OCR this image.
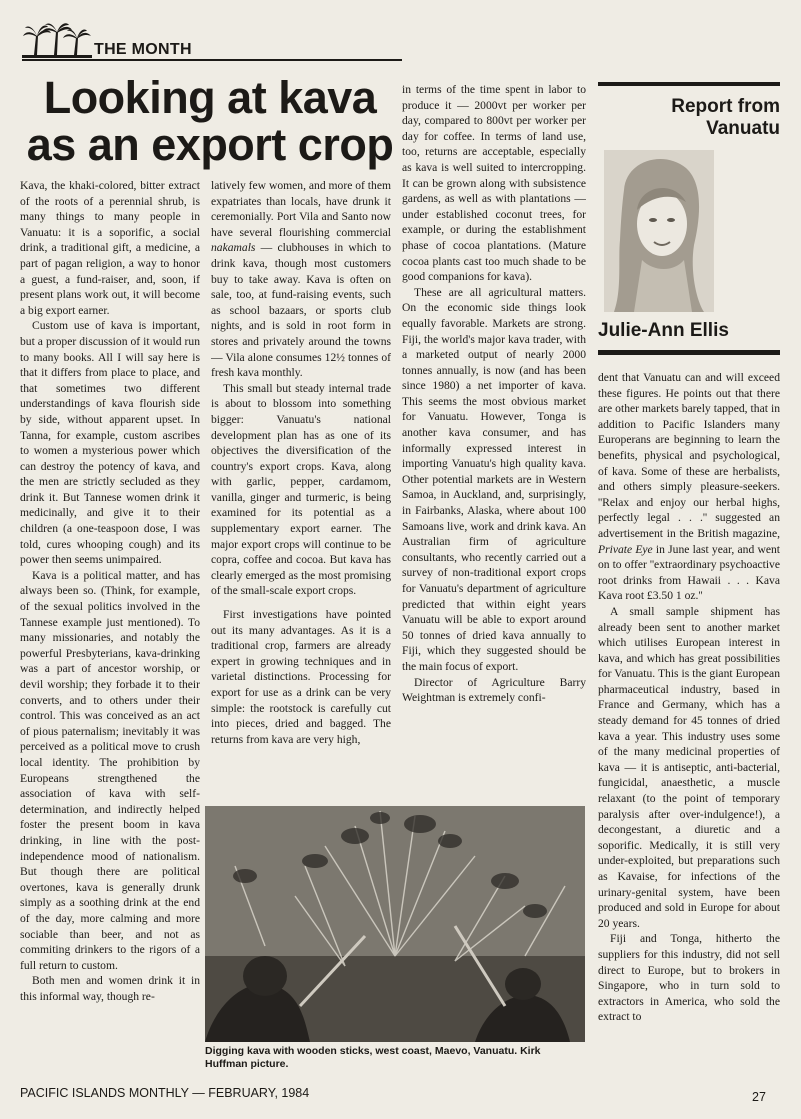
THE MONTH
Looking at kava as an export crop

Kava, the khaki-colored, bitter extract of the roots of a perennial shrub, is many things to many people in Vanuatu: it is a soporific, a social drink, a traditional gift, a medicine, a part of pagan religion, a way to honor a guest, a fund-raiser, and, soon, if present plans work out, it will become a big export earner.

Custom use of kava is important, but a proper discussion of it would run to many books. All I will say here is that it differs from place to place, and that sometimes two different understandings of kava flourish side by side, without apparent upset. In Tanna, for example, custom ascribes to women a mysterious power which can destroy the potency of kava, and the men are strictly secluded as they drink it. But Tannese women drink it medicinally, and give it to their children (a one-teaspoon dose, I was told, cures whooping cough) and its power then seems unimpaired.

Kava is a political matter, and has always been so. (Think, for example, of the sexual politics involved in the Tannese example just mentioned). To many missionaries, and notably the powerful Presbyterians, kava-drinking was a part of ancestor worship, or devil worship; they forbade it to their converts, and to others under their control. This was conceived as an act of pious paternalism; inevitably it was perceived as a political move to crush local identity. The prohibition by Europeans strengthened the association of kava with self-determination, and indirectly helped foster the present boom in kava drinking, in line with the post-independence mood of nationalism. But though there are political overtones, kava is generally drunk simply as a soothing drink at the end of the day, more calming and more sociable than beer, and not as commiting drinkers to the rigors of a full return to custom.

Both men and women drink it in this informal way, though re-

latively few women, and more of them expatriates than locals, have drunk it ceremonially. Port Vila and Santo now have several flourishing commercial nakamals — clubhouses in which to drink kava, though most customers buy to take away. Kava is often on sale, too, at fund-raising events, such as school bazaars, or sports club nights, and is sold in root form in stores and privately around the towns — Vila alone consumes 12½ tonnes of fresh kava monthly.

This small but steady internal trade is about to blossom into something bigger: Vanuatu's national development plan has as one of its objectives the diversification of the country's export crops. Kava, along with garlic, pepper, cardamom, vanilla, ginger and turmeric, is being examined for its potential as a supplementary export earner. The major export crops will continue to be copra, coffee and cocoa. But kava has clearly emerged as the most promising of the small-scale export crops.

First investigations have pointed out its many advantages. As it is a traditional crop, farmers are already expert in growing techniques and in varietal distinctions. Processing for export for use as a drink can be very simple: the rootstock is carefully cut into pieces, dried and bagged. The returns from kava are very high,

in terms of the time spent in labor to produce it — 2000vt per worker per day, compared to 800vt per worker per day for coffee. In terms of land use, too, returns are acceptable, especially as kava is well suited to intercropping. It can be grown along with subsistence gardens, as well as with plantations — under established coconut trees, for example, or during the establishment phase of cocoa plantations. (Mature cocoa plants cast too much shade to be good companions for kava).

These are all agricultural matters. On the economic side things look equally favorable. Markets are strong. Fiji, the world's major kava trader, with a marketed output of nearly 2000 tonnes annually, is now (and has been since 1980) a net importer of kava. This seems the most obvious market for Vanuatu. However, Tonga is another kava consumer, and has informally expressed interest in importing Vanuatu's high quality kava. Other potential markets are in Western Samoa, in Auckland, and, surprisingly, in Fairbanks, Alaska, where about 100 Samoans live, work and drink kava. An Australian firm of agriculture consultants, who recently carried out a survey of non-traditional export crops for Vanuatu's department of agriculture predicted that within eight years Vanuatu will be able to export around 50 tonnes of dried kava annually to Fiji, which they suggested should be the main focus of export.

Director of Agriculture Barry Weightman is extremely confi-

Report from Vanuatu
Julie-Ann Ellis

dent that Vanuatu can and will exceed these figures. He points out that there are other markets barely tapped, that in addition to Pacific Islanders many Europerans are beginning to learn the benefits, physical and psychological, of kava. Some of these are herbalists, and others simply pleasure-seekers. ''Relax and enjoy our herbal highs, perfectly legal . . .'' suggested an advertisement in the British magazine, Private Eye in June last year, and went on to offer ''extraordinary psychoactive root drinks from Hawaii . . . Kava Kava root £3.50 1 oz.''

A small sample shipment has already been sent to another market which utilises European interest in kava, and which has great possibilities for Vanuatu. This is the giant European pharmaceutical industry, based in France and Germany, which has a steady demand for 45 tonnes of dried kava a year. This industry uses some of the many medicinal properties of kava — it is antiseptic, anti-bacterial, fungicidal, anaesthetic, a muscle relaxant (to the point of temporary paralysis after over-indulgence!), a decongestant, a diuretic and a soporific. Medically, it is still very under-exploited, but preparations such as Kavaise, for infections of the urinary-genital system, have been produced and sold in Europe for about 20 years.

Fiji and Tonga, hitherto the suppliers for this industry, did not sell direct to Europe, but to brokers in Singapore, who in turn sold to extractors in America, who sold the extract to

Digging kava with wooden sticks, west coast, Maevo, Vanuatu. Kirk Huffman picture.
PACIFIC ISLANDS MONTHLY — FEBRUARY, 1984	27
